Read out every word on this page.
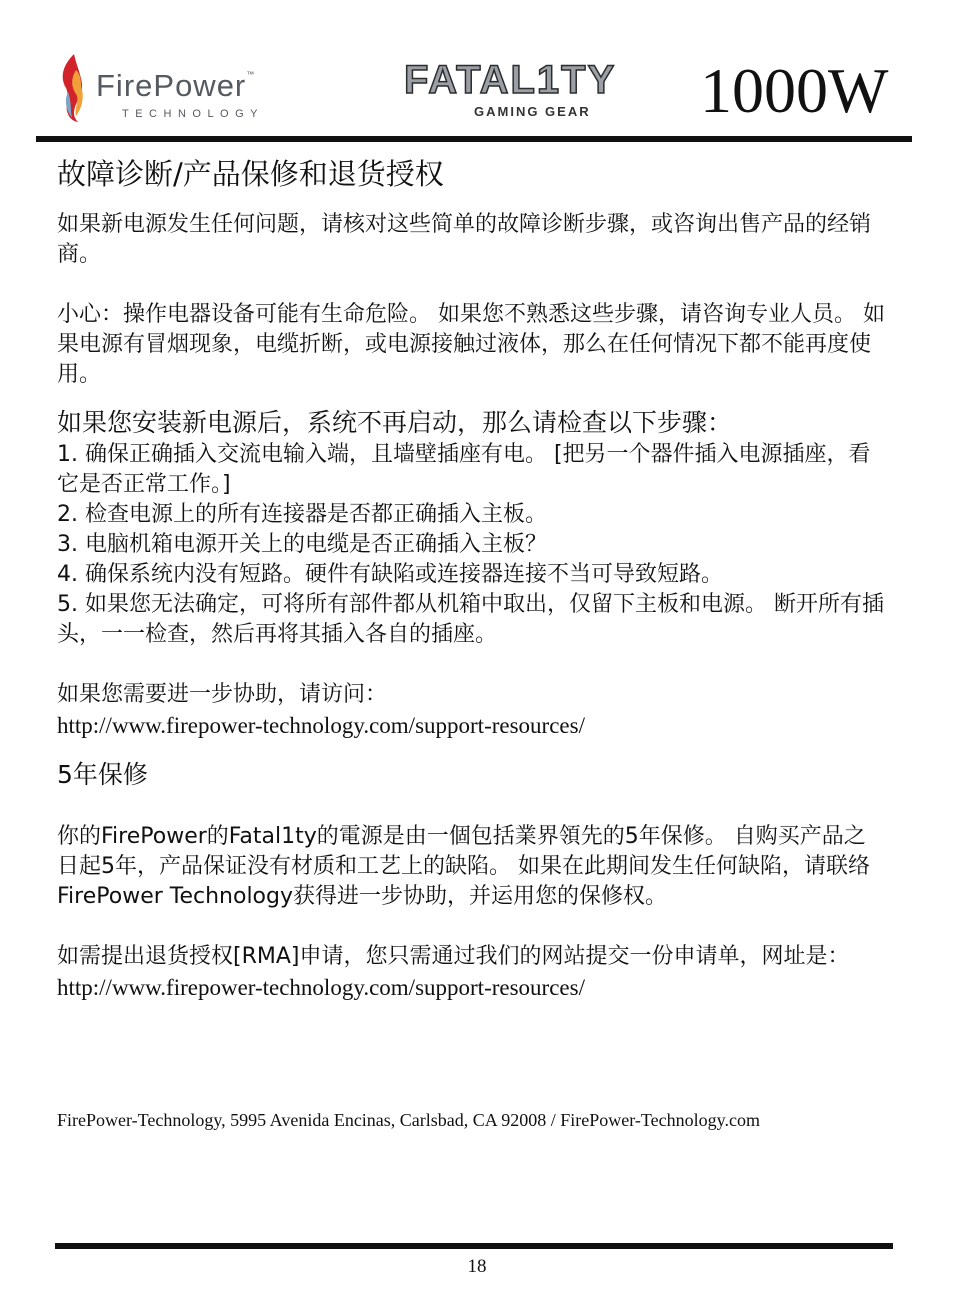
FirePower™
TECHNOLOGY
FATAL1TY
GAMING GEAR	1000W
故障诊断/产品保修和退货授权

如果新电源发生任何问题，请核对这些简单的故障诊断步骤，或咨询出售产品的经销商。

小心：操作电器设备可能有生命危险。 如果您不熟悉这些步骤，请咨询专业人员。 如果电源有冒烟现象，电缆折断，或电源接触过液体，那么在任何情况下都不能再度使用。

如果您安装新电源后，系统不再启动，那么请检查以下步骤：

1. 确保正确插入交流电输入端，且墙壁插座有电。 [把另一个器件插入电源插座，看它是否正常工作。]

2. 检查电源上的所有连接器是否都正确插入主板。

3. 电脑机箱电源开关上的电缆是否正确插入主板？

4. 确保系统内没有短路。硬件有缺陷或连接器连接不当可导致短路。

5. 如果您无法确定，可将所有部件都从机箱中取出，仅留下主板和电源。 断开所有插头，一一检查，然后再将其插入各自的插座。

如果您需要进一步协助，请访问：

http://www.firepower-technology.com/support-resources/
5年保修

你的FirePower的Fatal1ty的電源是由一個包括業界領先的5年保修。 自购买产品之日起5年，产品保证没有材质和工艺上的缺陷。 如果在此期间发生任何缺陷，请联络FirePower Technology获得进一步协助，并运用您的保修权。

如需提出退货授权[RMA]申请，您只需通过我们的网站提交一份申请单，网址是：

http://www.firepower-technology.com/support-resources/
FirePower-Technology, 5995 Avenida Encinas, Carlsbad, CA 92008 / FirePower-Technology.com
18
